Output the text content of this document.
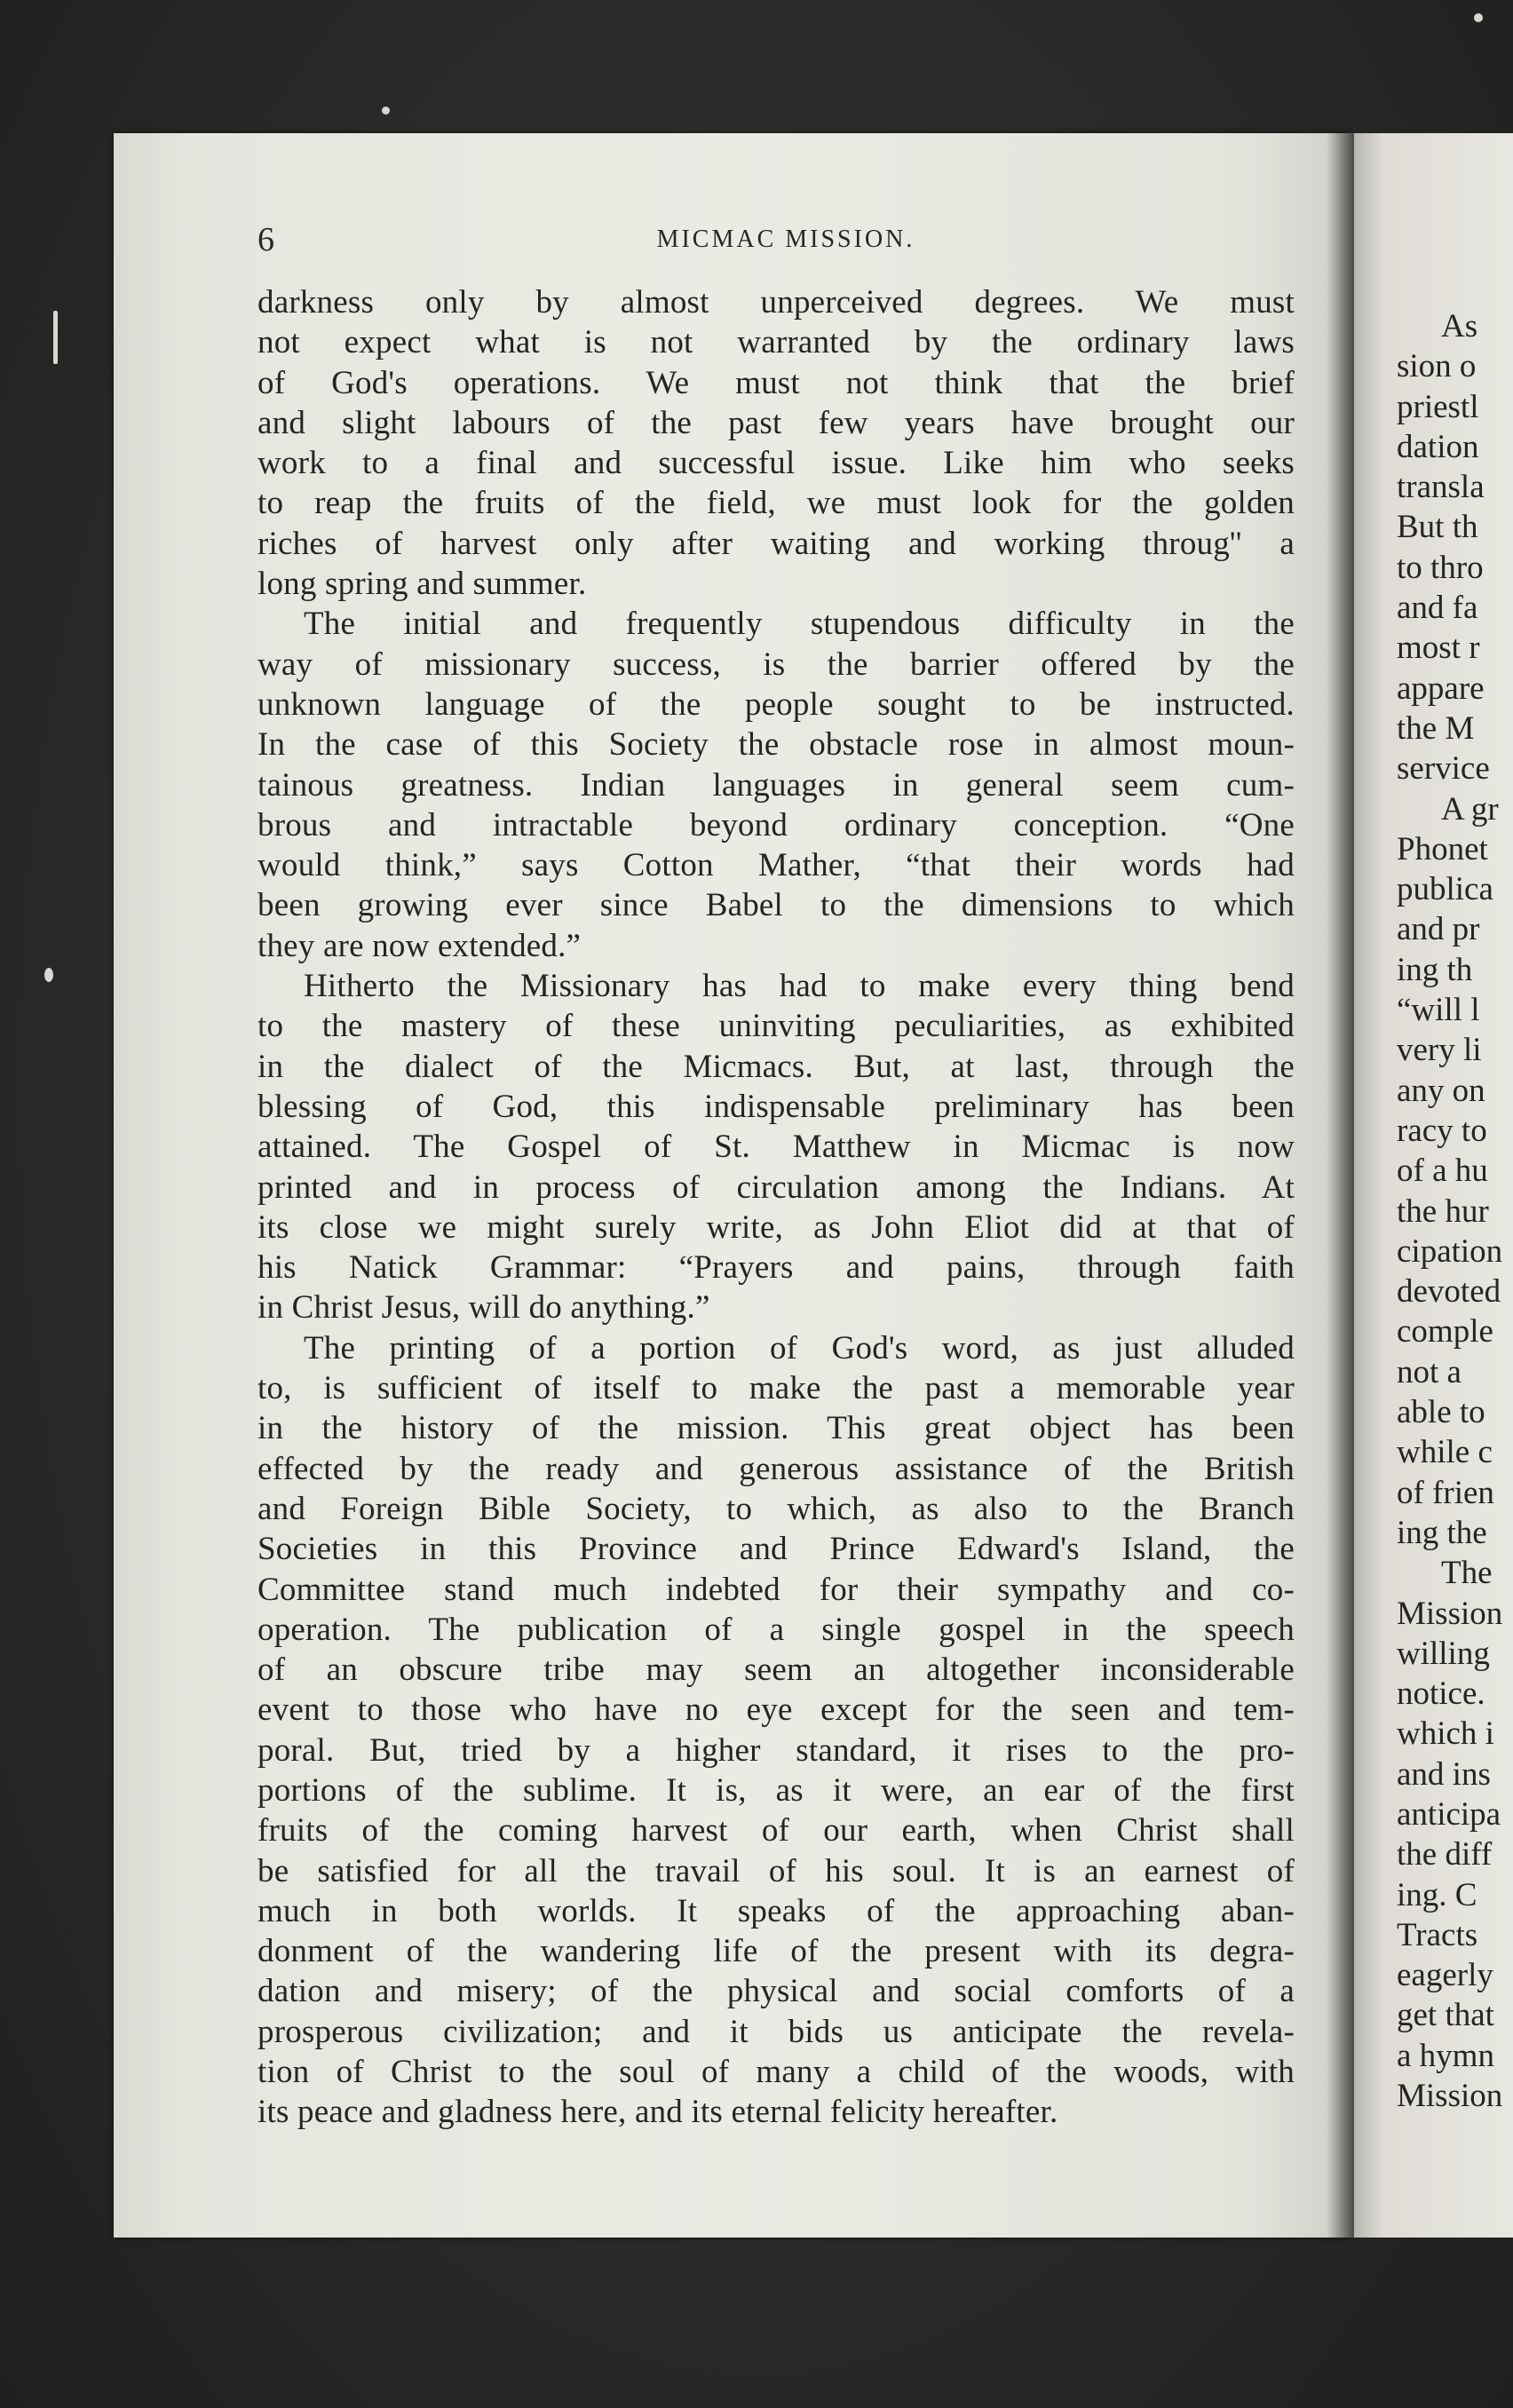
6	MICMAC MISSION.
darkness only by almost unperceived degrees. We must
not expect what is not warranted by the ordinary laws
of God's operations. We must not think that the brief
and slight labours of the past few years have brought our
work to a final and successful issue. Like him who seeks
to reap the fruits of the field, we must look for the golden
riches of harvest only after waiting and working throug'' a
long spring and summer.
The initial and frequently stupendous difficulty in the
way of missionary success, is the barrier offered by the
unknown language of the people sought to be instructed.
In the case of this Society the obstacle rose in almost moun-
tainous greatness. Indian languages in general seem cum-
brous and intractable beyond ordinary conception. “One
would think,” says Cotton Mather, “that their words had
been growing ever since Babel to the dimensions to which
they are now extended.”
Hitherto the Missionary has had to make every thing bend
to the mastery of these uninviting peculiarities, as exhibited
in the dialect of the Micmacs. But, at last, through the
blessing of God, this indispensable preliminary has been
attained. The Gospel of St. Matthew in Micmac is now
printed and in process of circulation among the Indians. At
its close we might surely write, as John Eliot did at that of
his Natick Grammar: “Prayers and pains, through faith
in Christ Jesus, will do anything.”
The printing of a portion of God's word, as just alluded
to, is sufficient of itself to make the past a memorable year
in the history of the mission. This great object has been
effected by the ready and generous assistance of the British
and Foreign Bible Society, to which, as also to the Branch
Societies in this Province and Prince Edward's Island, the
Committee stand much indebted for their sympathy and co-
operation. The publication of a single gospel in the speech
of an obscure tribe may seem an altogether inconsiderable
event to those who have no eye except for the seen and tem-
poral. But, tried by a higher standard, it rises to the pro-
portions of the sublime. It is, as it were, an ear of the first
fruits of the coming harvest of our earth, when Christ shall
be satisfied for all the travail of his soul. It is an earnest of
much in both worlds. It speaks of the approaching aban-
donment of the wandering life of the present with its degra-
dation and misery; of the physical and social comforts of a
prosperous civilization; and it bids us anticipate the revela-
tion of Christ to the soul of many a child of the woods, with
its peace and gladness here, and its eternal felicity hereafter.
As
sion o
priestl
dation
transla
But th
to thro
and fa
most r
appare
the M
service
A gr
Phonet
publica
and pr
ing th
“will l
very li
any on
racy to
of a hu
the hur
cipation
devoted
comple
not a
able to
while c
of frien
ing the
The
Mission
willing
notice.
which i
and ins
anticipa
the diff
ing. C
Tracts
eagerly
get that
a hymn
Mission
